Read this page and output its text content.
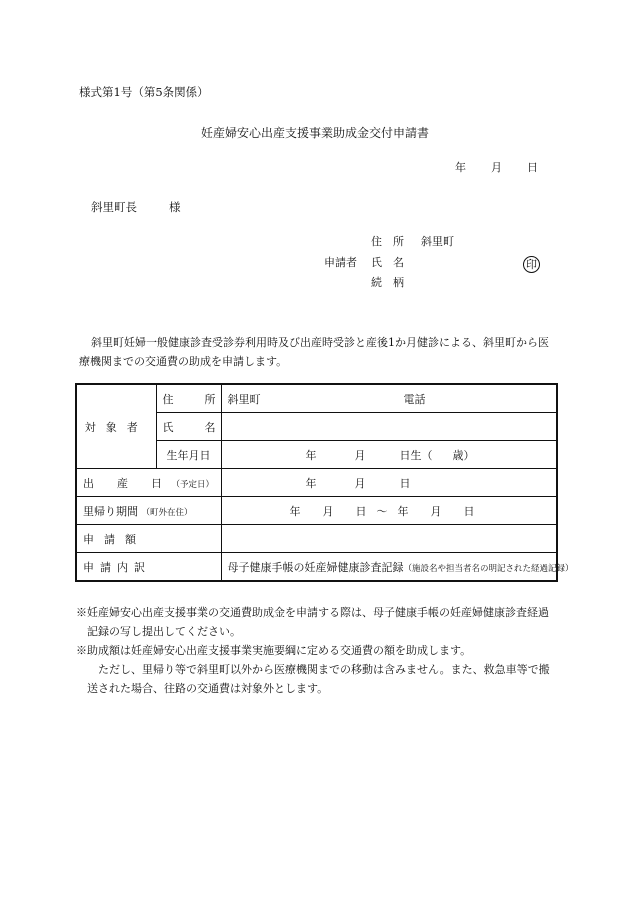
様式第1号（第5条関係）
妊産婦安心出産支援事業助成金交付申請書
年 月 日
斜里町長	様
住　所 斜里町
申請者 氏　名	印
続　柄

斜里町妊婦一般健康診査受診券利用時及び出産時受診と産後1か月健診による、斜里町から医療機関までの交通費の助成を申請します。

対象者	住　所	斜里町 電話
	氏　名	
	生年月日	年 月 日生（ 歳）
出　産　日 （予定日）		年 月 日
里帰り期間 （町外在住）		年 月 日 ～ 年 月 日
申請額		
申請内訳		母子健康手帳の妊産婦健康診査記録（施設名や担当者名の明記された経過記録）

※妊産婦安心出産支援事業の交通費助成金を申請する際は、母子健康手帳の妊産婦健康診査経過記録の写し提出してください。

※助成額は妊産婦安心出産支援事業実施要綱に定める交通費の額を助成します。

ただし、里帰り等で斜里町以外から医療機関までの移動は含みません。また、救急車等で搬送された場合、往路の交通費は対象外とします。
